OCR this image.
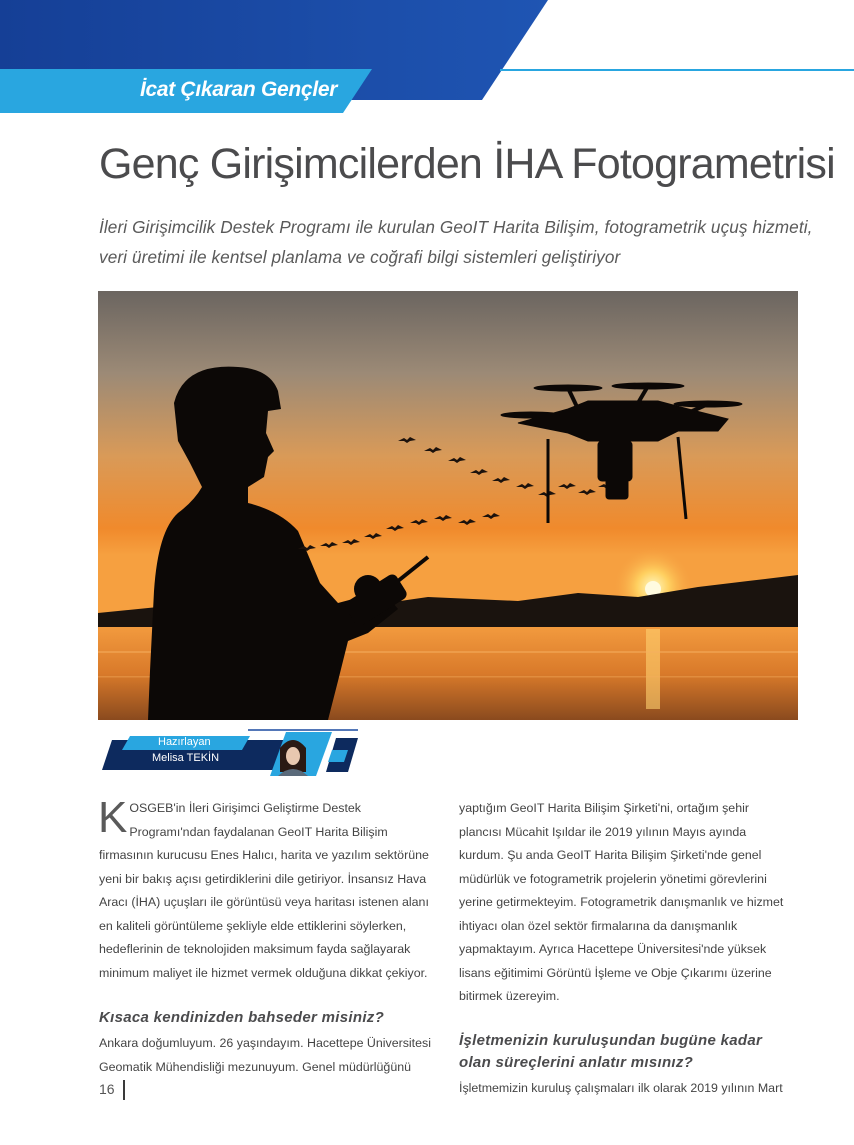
İcat Çıkaran Gençler
Genç Girişimcilerden İHA Fotogrametrisi

İleri Girişimcilik Destek Programı ile kurulan GeoIT Harita Bilişim, fotogrametrik uçuş hizmeti, veri üretimi ile kentsel planlama ve coğrafi bilgi sistemleri geliştiriyor

Hazırlayan
Melisa TEKİN

KOSGEB'in İleri Girişimci Geliştirme Destek Programı'ndan faydalanan GeoIT Harita Bilişim firmasının kurucusu Enes Halıcı, harita ve yazılım sektörüne yeni bir bakış açısı getirdiklerini dile getiriyor. İnsansız Hava Aracı (İHA) uçuşları ile görüntüsü veya haritası istenen alanı en kaliteli görüntüleme şekliyle elde ettiklerini söylerken, hedeflerinin de teknolojiden maksimum fayda sağlayarak minimum maliyet ile hizmet vermek olduğuna dikkat çekiyor.

Kısaca kendinizden bahseder misiniz?

Ankara doğumluyum. 26 yaşındayım. Hacettepe Üniversitesi Geomatik Mühendisliği mezunuyum. Genel müdürlüğünü

yaptığım GeoIT Harita Bilişim Şirketi'ni, ortağım şehir plancısı Mücahit Işıldar ile 2019 yılının Mayıs ayında kurdum. Şu anda GeoIT Harita Bilişim Şirketi'nde genel müdürlük ve fotogrametrik projelerin yönetimi görevlerini yerine getirmekteyim. Fotogrametrik danışmanlık ve hizmet ihtiyacı olan özel sektör firmalarına da danışmanlık yapmaktayım. Ayrıca Hacettepe Üniversitesi'nde yüksek lisans eğitimimi Görüntü İşleme ve Obje Çıkarımı üzerine bitirmek üzereyim.

İşletmenizin kuruluşundan bugüne kadar olan süreçlerini anlatır mısınız?

İşletmemizin kuruluş çalışmaları ilk olarak 2019 yılının Mart

16
